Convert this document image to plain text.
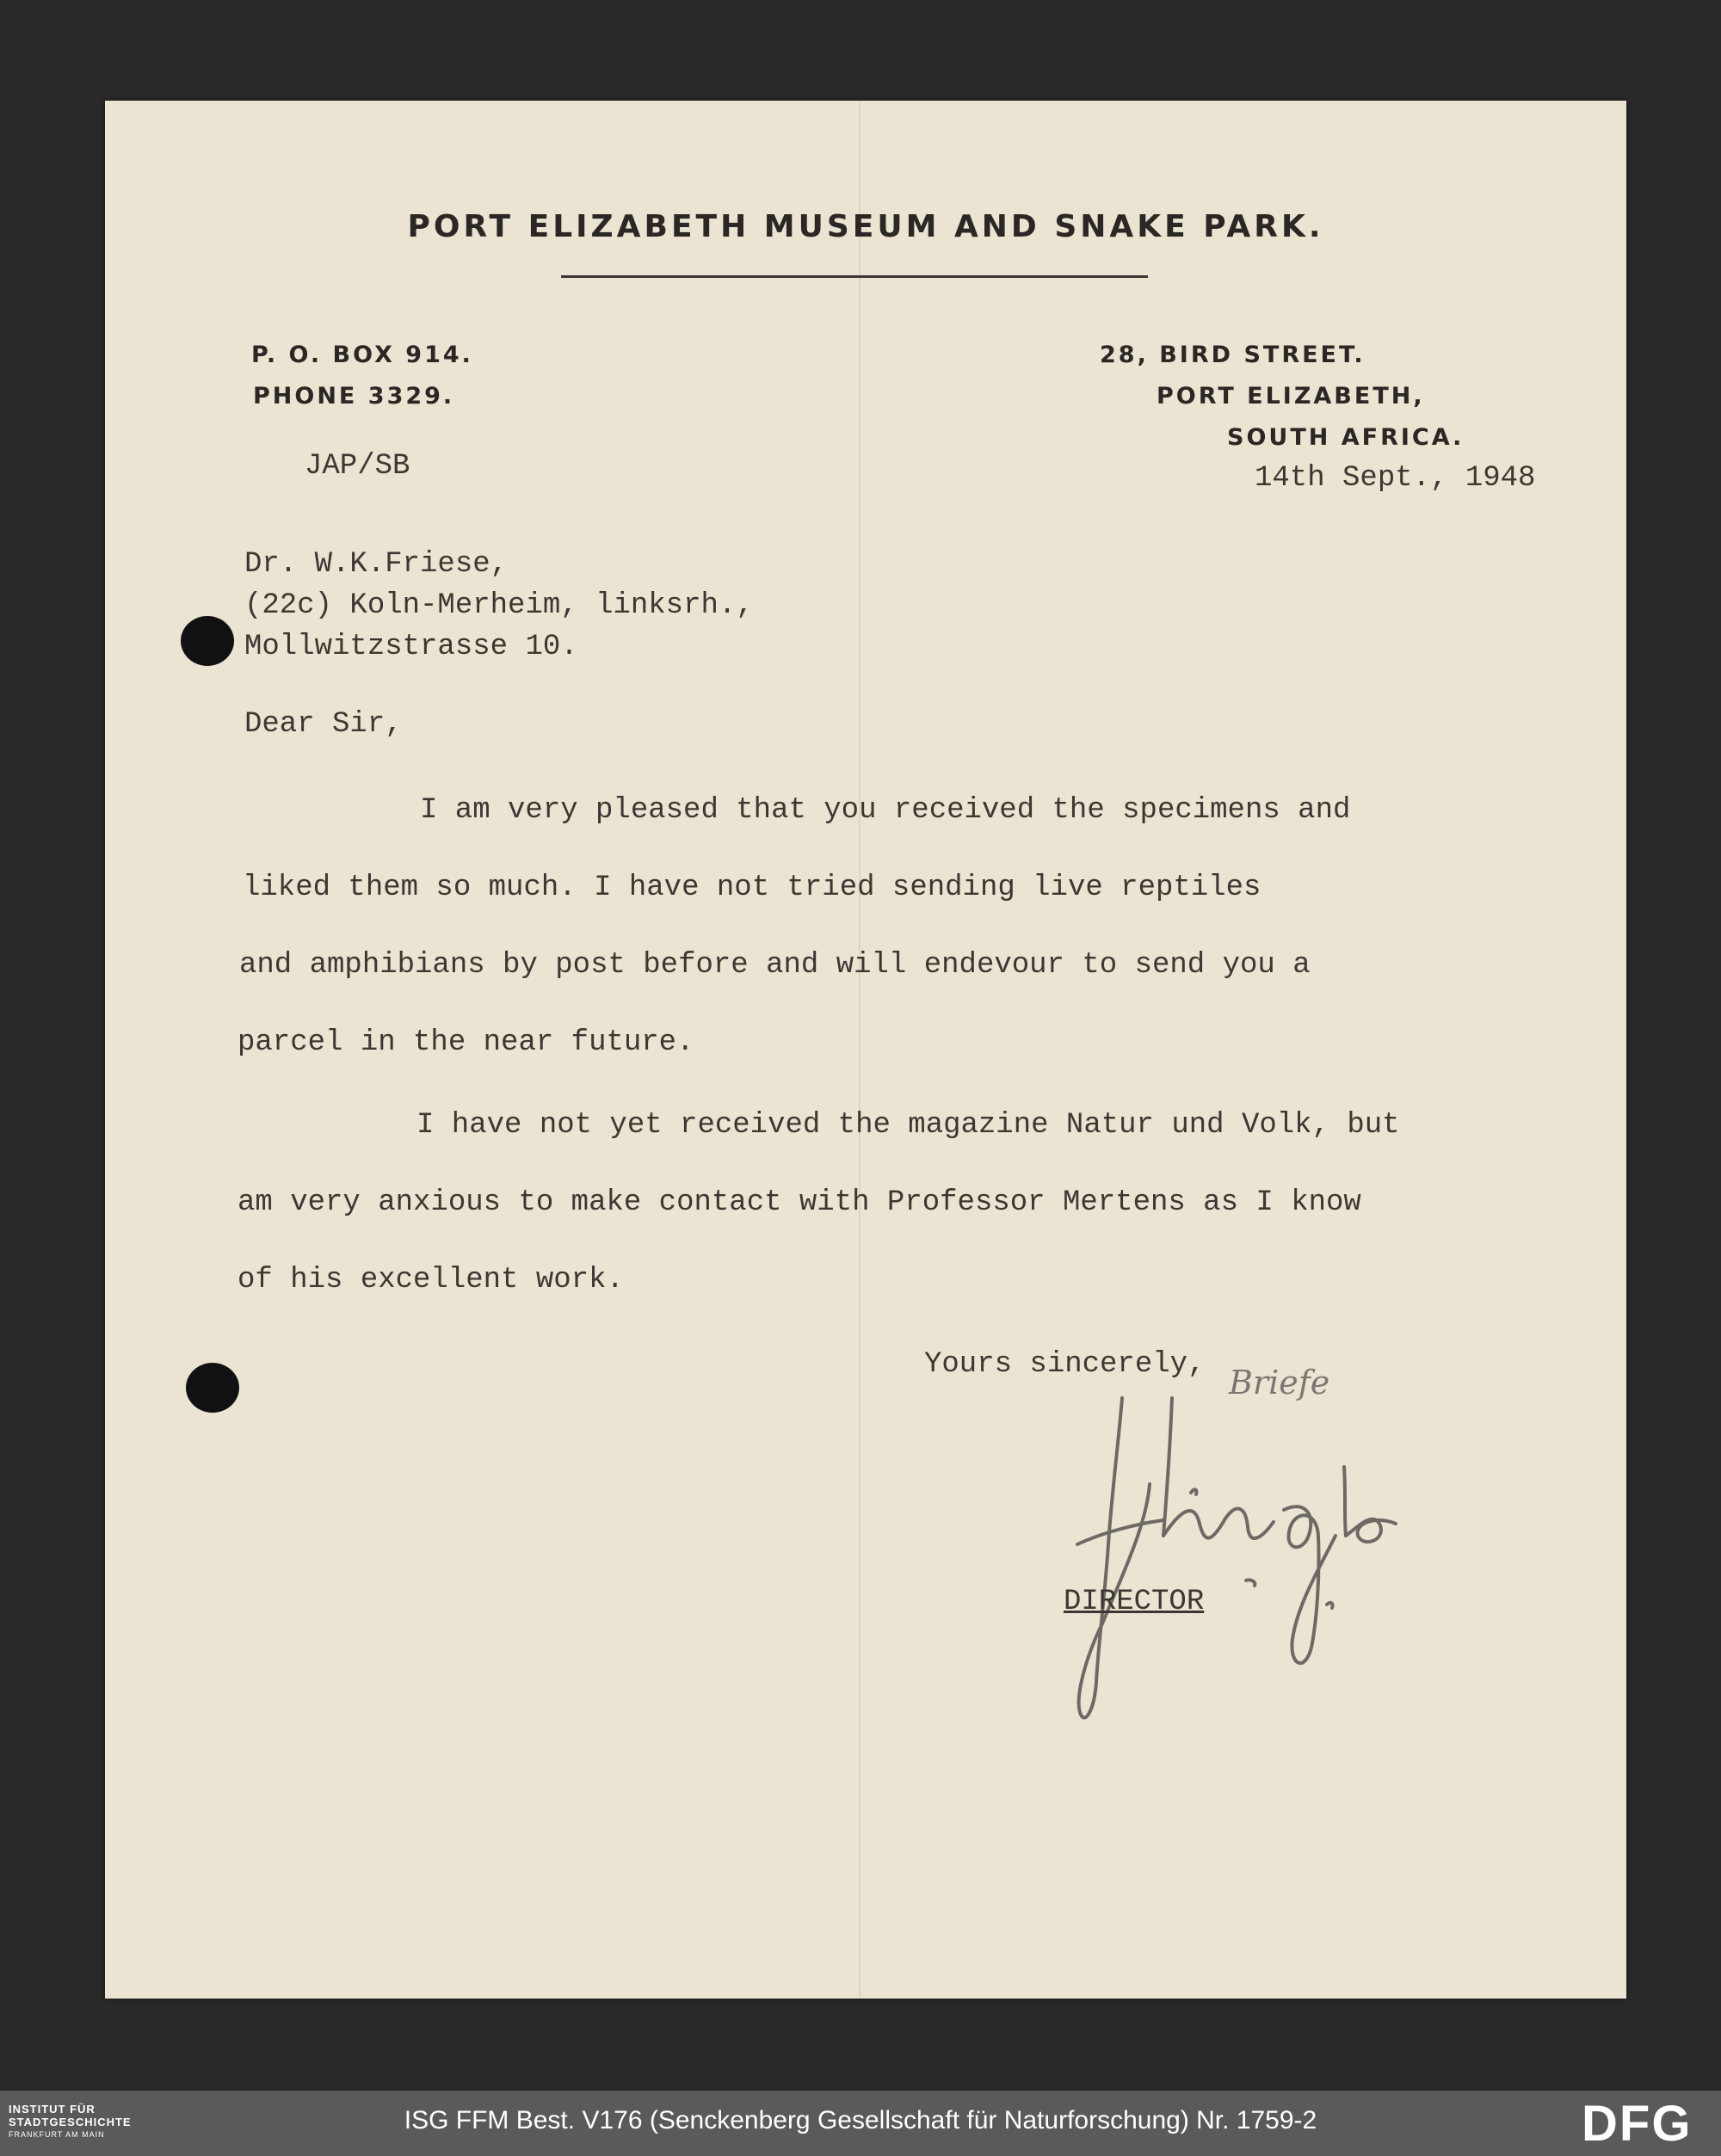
PORT ELIZABETH MUSEUM AND SNAKE PARK.
P. O. BOX 914.
PHONE 3329.
28, BIRD STREET.
PORT ELIZABETH,
SOUTH AFRICA.
JAP/SB	14th Sept., 1948
Dr. W.K.Friese,
(22c) Koln-Merheim, linksrh.,
Mollwitzstrasse 10.
Dear Sir,
I am very pleased that you received the specimens and
liked them so much. I have not tried sending live reptiles
and amphibians by post before and will endevour to send you a
parcel in the near future.
I have not yet received the magazine Natur und Volk, but
am very anxious to make contact with Professor Mertens as I know
of his excellent work.
Yours sincerely, Briefe
DIRECTOR
INSTITUT FÜR
STADTGESCHICHTE
FRANKFURT AM MAIN	ISG FFM Best. V176 (Senckenberg Gesellschaft für Naturforschung) Nr. 1759-2	DFG
